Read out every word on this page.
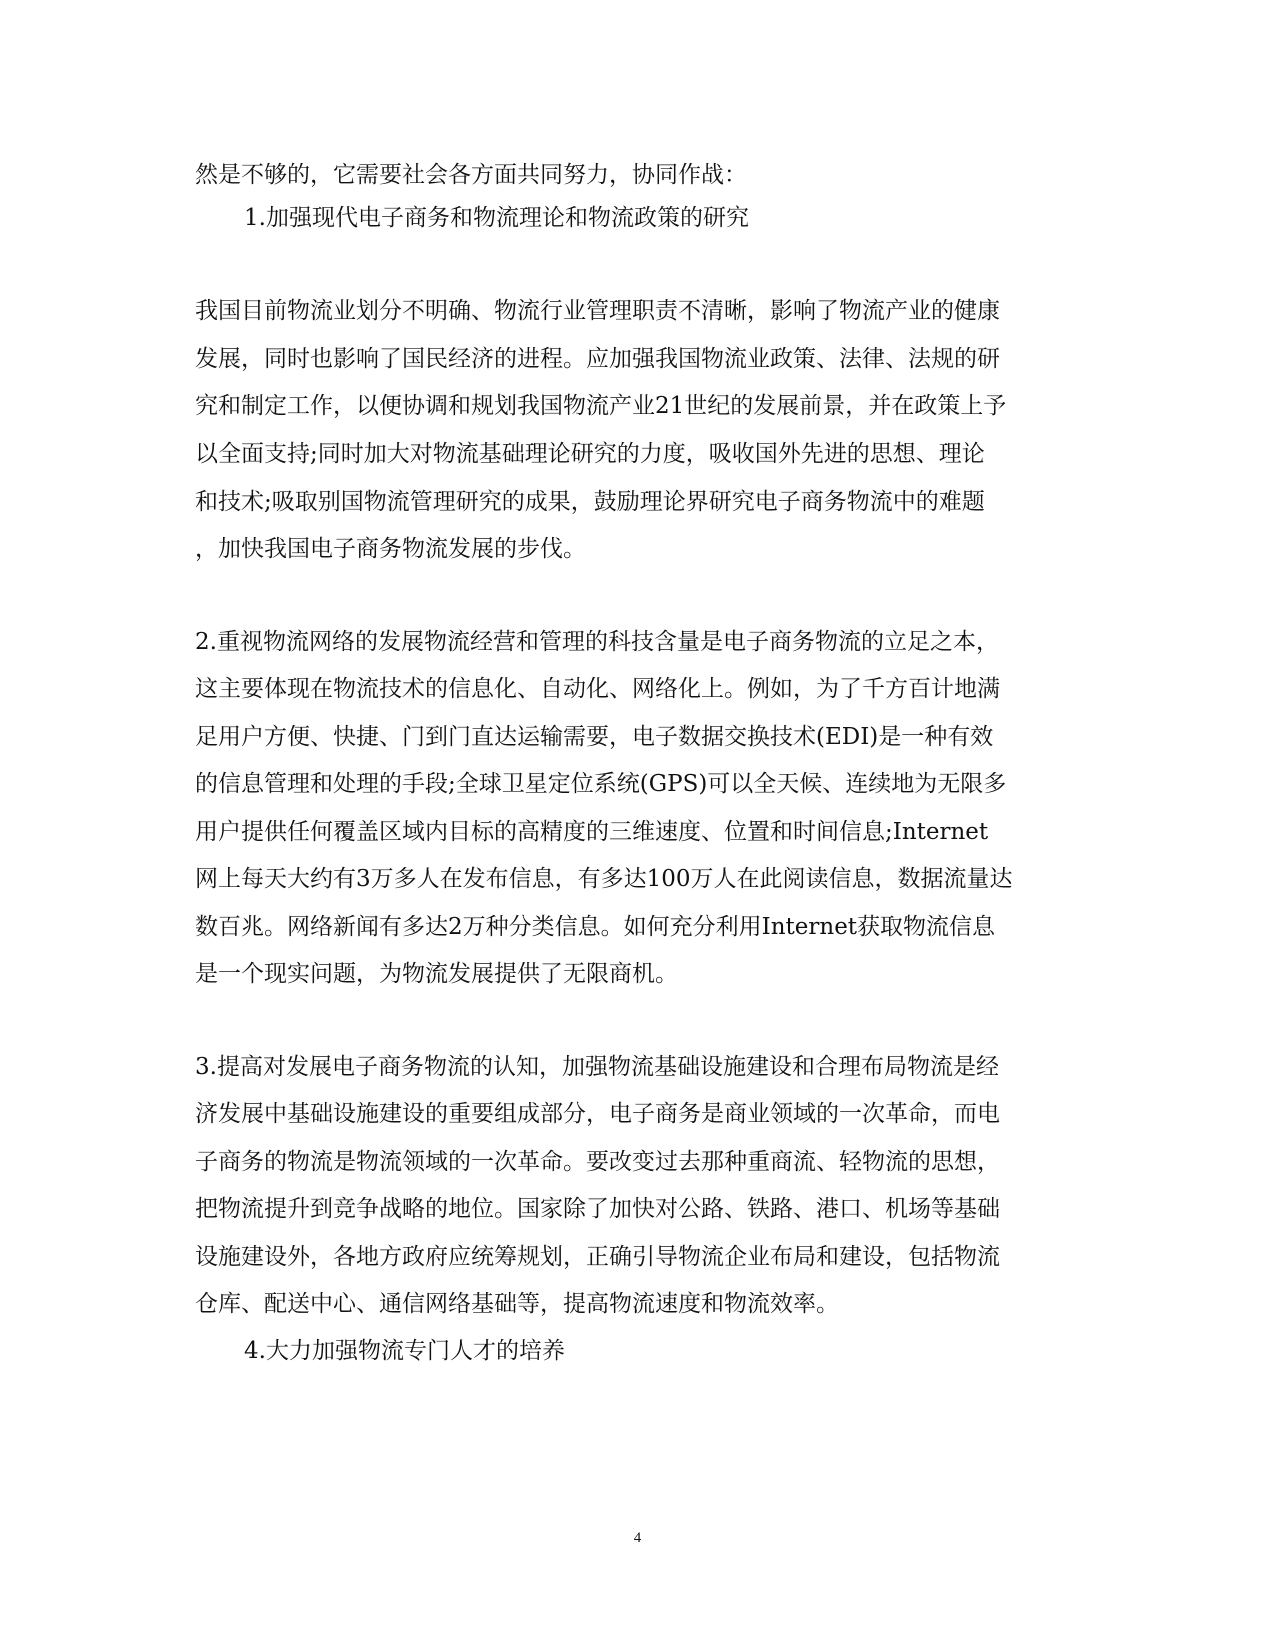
然是不够的，它需要社会各方面共同努力，协同作战：
1.加强现代电子商务和物流理论和物流政策的研究
我国目前物流业划分不明确、物流行业管理职责不清晰，影响了物流产业的健康
发展，同时也影响了国民经济的进程。应加强我国物流业政策、法律、法规的研
究和制定工作，以便协调和规划我国物流产业21世纪的发展前景，并在政策上予
以全面支持;同时加大对物流基础理论研究的力度，吸收国外先进的思想、理论
和技术;吸取别国物流管理研究的成果，鼓励理论界研究电子商务物流中的难题
，加快我国电子商务物流发展的步伐。
2.重视物流网络的发展物流经营和管理的科技含量是电子商务物流的立足之本，
这主要体现在物流技术的信息化、自动化、网络化上。例如，为了千方百计地满
足用户方便、快捷、门到门直达运输需要，电子数据交换技术(EDI)是一种有效
的信息管理和处理的手段;全球卫星定位系统(GPS)可以全天候、连续地为无限多
用户提供任何覆盖区域内目标的高精度的三维速度、位置和时间信息;Internet
网上每天大约有3万多人在发布信息，有多达100万人在此阅读信息，数据流量达
数百兆。网络新闻有多达2万种分类信息。如何充分利用Internet获取物流信息
是一个现实问题，为物流发展提供了无限商机。
3.提高对发展电子商务物流的认知，加强物流基础设施建设和合理布局物流是经
济发展中基础设施建设的重要组成部分，电子商务是商业领域的一次革命，而电
子商务的物流是物流领域的一次革命。要改变过去那种重商流、轻物流的思想，
把物流提升到竞争战略的地位。国家除了加快对公路、铁路、港口、机场等基础
设施建设外，各地方政府应统筹规划，正确引导物流企业布局和建设，包括物流
仓库、配送中心、通信网络基础等，提高物流速度和物流效率。
4.大力加强物流专门人才的培养
4
